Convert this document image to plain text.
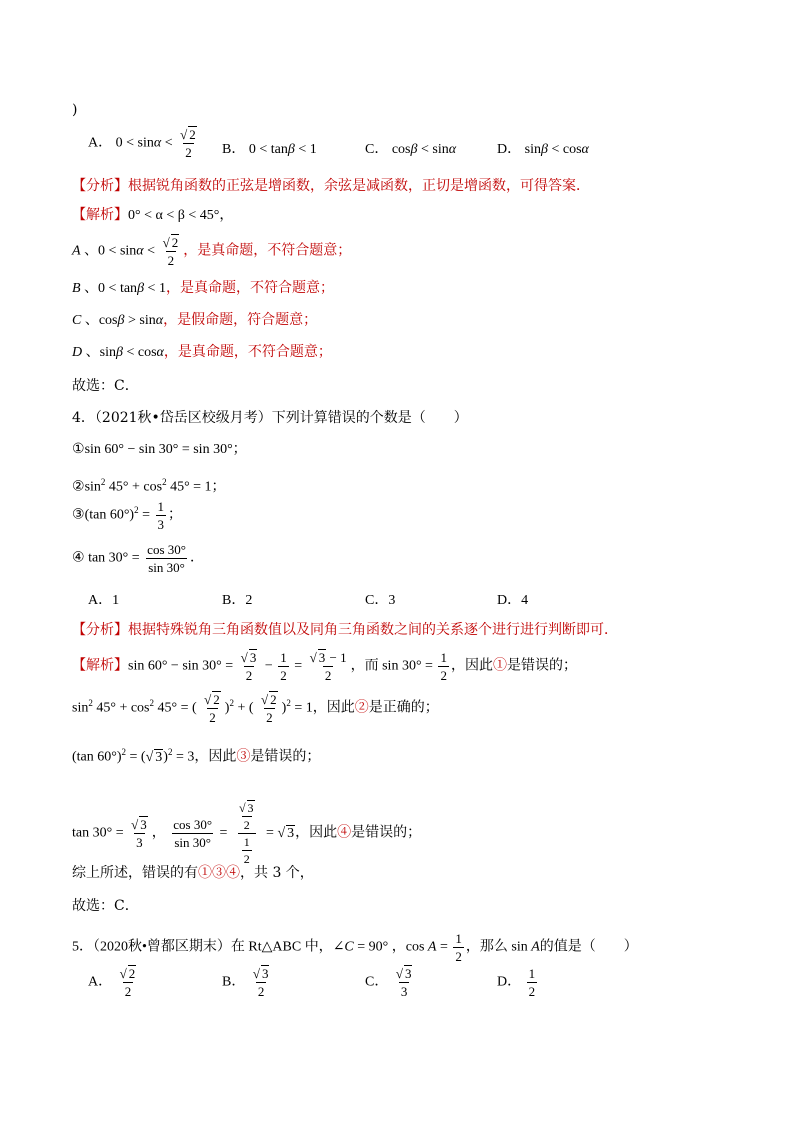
)
A． $0 < \sin\alpha < \frac{√ 2}{2}$ B． 0 < tanβ < 1	C． cosβ < sinα	D． sinβ < cosα
【分析】根据锐角函数的正弦是增函数，余弦是减函数，正切是增函数，可得答案．
【解析】0° < α < β < 45°，
A 、$0 < \sin\alpha < \frac{√ 2}{2}$ ，是真命题，不符合题意；
B 、0 < tanβ < 1，是真命题，不符合题意；
C 、cosβ > sinα，是假命题，符合题意；
D 、sinβ < cosα，是真命题，不符合题意；
故选：C．
4．（2021秋•岱岳区校级月考）下列计算错误的个数是（　　）
①sin 60° − sin 30° = sin 30°；
$②\sin^2$ $45^\circ + \cos^2 45^\circ = 1$；
③(tan $60^\circ)^2 = \frac{1}{3}$ ；
④ $\tan 30^\circ = \frac{\cos 30^\circ}{\sin 30^\circ}$ ．
A．1	B．2	C．3	D．4
【分析】根据特殊锐角三角函数值以及同角三角函数之间的关系逐个进行进行判断即可．
【解析】$\sin 60^\circ - \sin 30^\circ = \frac{√ 3}{2} - \frac{1}{2} = \frac{√ 3 - 1}{2}$ ，而 $\sin 30^\circ = \frac{1}{2}$ ，因此①是错误的；
$\sin^2 45^\circ + \cos^2 45^\circ$ = ( $\frac{√ 2}{2} )^2$ + ( $\frac{√ 2}{2} )^2 = 1$，因此②是正确的；
(tan 60°)$^2$ = (√ 3)$^2$ = 3，因此③是错误的；
$\tan 30^\circ = \frac{√ 3}{3}$ ， $\frac{\cos 30^\circ}{\sin 30^\circ} = \frac{\frac{√ 3}{2}}{\frac{1}{2}}$ = √ 3，因此④是错误的；
综上所述，错误的有①③④，共 3 个，
故选：C．
5．（2020秋•曾都区期末）在 Rt△ABC 中，∠C = 90° ，$\cos A = \frac{1}{2}$ ，那么 sin A的值是（　　）
A． $\frac{√ 2}{2}$	B． $\frac{√ 3}{2}$	C． $\frac{√ 3}{3}$	D． $\frac{1}{2}$
